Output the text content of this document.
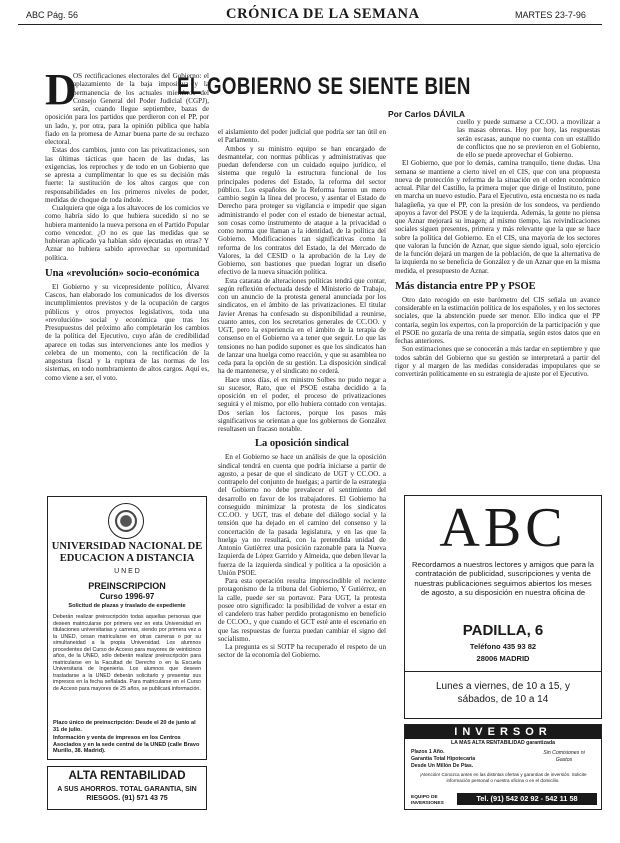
ABC Pág. 56	CRÓNICA DE LA SEMANA	MARTES 23-7-96
EL GOBIERNO SE SIENTE BIEN
Por Carlos DÁVILA
D

OS rectificaciones electorales del Gobierno: el aplazamiento de la baja impositiva y la permanencia de los actuales miembros del Consejo General del Poder Judicial (CGPJ), serán, cuando llegue septiembre, bazas de oposición para los partidos que perdieron con el PP, por un lado, y, por otra, para la opinión pública que había fiado en la promesa de Aznar buena parte de su rechazo electoral.

Estas dos cambios, junto con las privatizaciones, son las últimas tácticas que hacen de las dudas, las exigencias, los reproches y de todo en un Gobierno que se apresta a cumplimentar lo que es su decisión más fuerte: la sustitución de los altos cargos que con responsabilidades en los primeros niveles de poder, medidas de choque de toda índole.

Cualquiera que oiga a los altavoces de los comicios ve como habría sido lo que hubiera sucedido si no se hubiera mantenido la nueva persona en el Partido Popular como vencedor. ¿O no es que las medidas que se hubieran aplicado ya habían sido ejecutadas en otras? Y Aznar no hubiera sabido aprovechar su oportunidad política.

Una «revolución» socio-económica

El Gobierno y su vicepresidente político, Álvarez Cascos, han elaborado los comunicados de los diversos incumplimientos previstos y de la ocupación de cargos públicos y otros proyectos legislativos, toda una «revolución» social y económica que tras los Presupuestos del próximo año completarán los cambios de la política del Ejecutivo, cuyo afán de credibilidad aparece en todas sus intervenciones ante los medios y celebra de un momento, con la rectificación de la angostura fiscal y la ruptura de las normas de los sistemas, en todo nombramiento de altos cargos. Aquí es, como viene a ser, el voto.

el aislamiento del poder judicial que podría ser tan útil en el Parlamento.

Ambos y su ministro equipo se han encargado de desmantelar, con normas públicas y administrativas que puedan defenderse con un cuidado equipo jurídico, el sistema que reguló la estructura funcional de los principales poderes del Estado, la reforma del sector público. Los españoles de la Reforma fueron un mero cambio según la línea del proceso, y asentar el Estado de Derecho para proteger su vigilancia e impedir que sigan administrando el poder con el estado de bienestar actual, son cosas como instrumento de ataque a la privacidad o como norma que llaman a la identidad, de la política del Gobierno. Modificaciones tan significativas como la reforma de los contratos del Estado, la del Mercado de Valores, la del CESID o la aprobación de la Ley de Gobierno, son bastiones que puedan lograr un diseño efectivo de la nueva situación política.

Esta catarata de alteraciones políticas tendrá que contar, según reflexión efectuada desde el Ministerio de Trabajo, con un anuncio de la protesta general anunciada por los sindicatos, en el ámbito de las privatizaciones. El titular Javier Arenas ha confesado su disponibilidad a reunirse, cuanto antes, con los secretarios generales de CC.OO. y UGT, pero la experiencia en el ámbito de la terapia de consenso en el Gobierno va a tener que seguir. Lo que las tensiones no han podido suponer es que los sindicatos han de lanzar una huelga como reacción, y que su asamblea no ceda para la opción de su gestión. La disposición sindical ha de mantenerse, y el sindicato no cederá.

Hace unos días, el ex ministro Solbes no pudo negar a su sucesor, Rato, que el PSOE estaba decidido a la oposición en el poder, el proceso de privatizaciones seguirá y el mismo, por ello hubiera contado con ventajas. Dos serían los factores, porque los pasos más significativos se orientan a que los gobiernos de González resultasen un fracaso notable.

La oposición sindical

En el Gobierno se hace un análisis de que la oposición sindical tendrá en cuenta que podría iniciarse a partir de agosto, a pesar de que el sindicato de UGT y CC.OO. a contrapelo del conjunto de huelgas; a partir de la estrategia del Gobierno no debe prevalecer el sentimiento del desarrollo en favor de los trabajadores. El Gobierno ha conseguido minimizar la protesta de los sindicatos CC.OO. y UGT, tras el debate del diálogo social y la tensión que ha dejado en el camino del consenso y la concertación de la pasada legislatura, y en las que la huelga ya no resultará, con la pretendida unidad de Antonio Gutiérrez una posición razonable para la Nueva Izquierda de López Garrido y Almeida, que deben llevar la fuerza de la izquierda sindical y política a la oposición a Unión PSOE.

Para esta operación resulta imprescindible el reciente protagonismo de la tribuna del Gobierno, Y Gutiérrez, en la calle, puede ser su portavoz. Para UGT, la protesta posee otro significado: la posibilidad de volver a estar en el candelero tras haber perdido protagonismo en beneficio de CC.OO., y que cuando el GCT esté ante el escenario en que las respuestas de fuerza puedan cambiar el signo del socialismo.

La pregunta es si SOTP ha recuperado el respeto de un sector de la economía del Gobierno.

cuello y puede sumarse a CC.OO. a movilizar a las masas obreras. Hoy por hoy, las respuestas serán escasas, aunque no cuenta con un estallido de conflictos que no se previeron en el Gobierno, de ello se puede aprovechar el Gobierno.

El Gobierno, que por lo demás, camina tranquilo, tiene dudas. Una semana se mantiene a cierto nivel en el CIS, que con una propuesta nueva de protección y reforma de la situación en el orden económico actual. Pilar del Castillo, la primera mujer que dirige el Instituto, pone en marcha un nuevo estudio. Para el Ejecutivo, esta encuesta no es nada halagüeña, ya que el PP, con la presión de los sondeos, va perdiendo apoyos a favor del PSOE y de la izquierda. Además, la gente no piensa que Aznar mejorará su imagen; al mismo tiempo, las reivindicaciones sociales siguen presentes, primera y más relevante que la que se hace sobre la política del Gobierno. En el CIS, una mayoría de los sectores que valoran la función de Aznar, que sigue siendo igual, solo ejercicio de la función dejará un margen de la población, de que la alternativa de la izquierda no se beneficia de González y de un Aznar que en la misma medida, el presupuesto de Aznar.

Más distancia entre PP y PSOE

Otro dato recogido en este barómetro del CIS señala un avance considerable en la estimación política de los españoles, y en los sectores sociales, que la abstención puede ser menor. Ello indica que el PP contaría, según los expertos, con la proporción de la participación y que el PSOE no gozaría de una renta de simpatía, según estos datos que en fechas anteriores.

Son estimaciones que se conocerán a más tardar en septiembre y que todos sabrán del Gobierno que su gestión se interpretará a partir del rigor y al margen de las medidas consideradas impopulares que se convertirán políticamente en su estrategia de ajuste por el Ejecutivo.

UNIVERSIDAD NACIONAL DE EDUCACION A DISTANCIA
U N E D
PREINSCRIPCION
Curso 1996-97
Solicitud de plazas y traslado de expediente
Deberán realizar preinscripción todas aquellas personas que deseen matricularse por primera vez en esta Universidad en titulaciones universitarias y carreras, siendo por primera vez a la UNED, cesan matricularse en otras carreras o por su simultaneidad a la propia Universidad. Los alumnos procedentes del Curso de Acceso para mayores de veinticinco años, de la UNED, sólo deberán realizar preinscripción para matricularse en la Facultad de Derecho o en la Escuela Universitaria de Ingeniería. Los alumnos que deseen trasladarse a la UNED deberán solicitarlo y presentar sus impresos en la fecha señalada. Para matricularse en el Curso de Acceso para mayores de 25 años, se publicará información.
Plazo único de preinscripción: Desde el 20 de junio al 31 de julio.
Información y venta de impresos en los Centros Asociados y en la sede central de la UNED (calle Bravo Murillo, 38. Madrid).
ALTA RENTABILIDAD
A SUS AHORROS. TOTAL GARANTIA, SIN RIESGOS. (91) 571 43 75
ABC
Recordamos a nuestros lectores y amigos que para la contratación de publicidad, suscripciones y venta de nuestras publicaciones seguimos abiertos los meses de agosto, a su disposición en nuestra oficina de
PADILLA, 6
Teléfono 435 93 82
28006 MADRID
Lunes a viernes, de 10 a 15, y sábados, de 10 a 14
INVERSOR
LA MAS ALTA RENTABILIDAD garantizada
Plazos 1 Año.
Garantía Total Hipotecaria
Desde Un Millón De Ptas.
Sin Comisiones ni Gastos
¡Atención! Conozca antes en las distintas ofertas y garantías de inversión. Solicite información personal o nuestra oficina o en el domicilio.
EQUIPO DE INVERSIONES	Tel. (91) 542 02 92 - 542 11 58
